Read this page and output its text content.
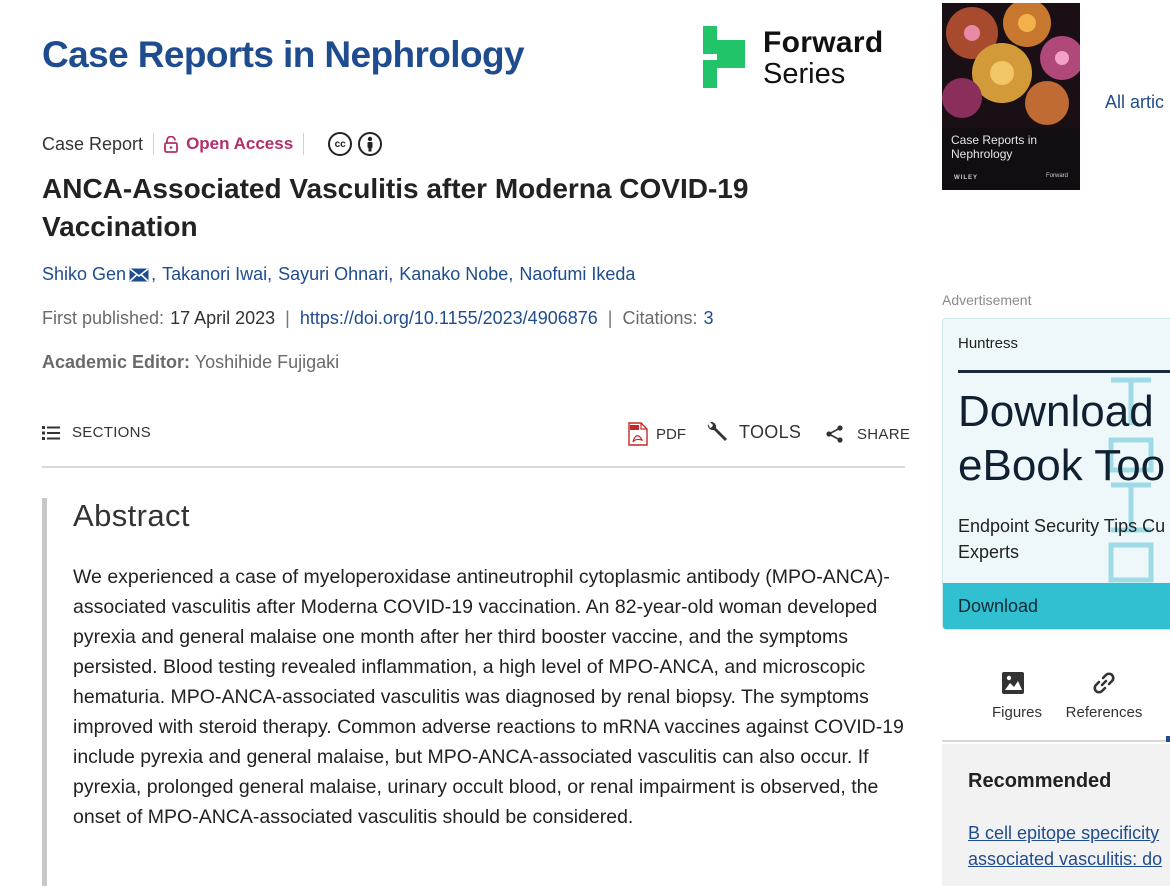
Case Reports in Nephrology	Forward
Series
Case Report	Open Access	cc
ANCA-Associated Vasculitis after Moderna COVID-19 Vaccination
Shiko Gen , Takanori Iwai , Sayuri Ohnari , Kanako Nobe , Naofumi Ikeda
First published: 17 April 2023 | https://doi.org/10.1155/2023/4906876 | Citations: 3
Academic Editor: Yoshihide Fujigaki
SECTIONS	PDF	TOOLS	SHARE
Abstract

We experienced a case of myeloperoxidase antineutrophil cytoplasmic antibody (MPO-ANCA)-associated vasculitis after Moderna COVID-19 vaccination. An 82-year-old woman developed pyrexia and general malaise one month after her third booster vaccine, and the symptoms persisted. Blood testing revealed inflammation, a high level of MPO-ANCA, and microscopic hematuria. MPO-ANCA-associated vasculitis was diagnosed by renal biopsy. The symptoms improved with steroid therapy. Common adverse reactions to mRNA vaccines against COVID-19 include pyrexia and general malaise, but MPO-ANCA-associated vasculitis can also occur. If pyrexia, prolonged general malaise, urinary occult blood, or renal impairment is observed, the onset of MPO-ANCA-associated vasculitis should be considered.

Case Reports in
Nephrology
WILEY	Forward
All artic
Advertisement
Huntress
Download
eBook Too
Endpoint Security Tips Cu
Experts
Download
Figures	References
Recommended
B cell epitope specificity
associated vasculitis: do
